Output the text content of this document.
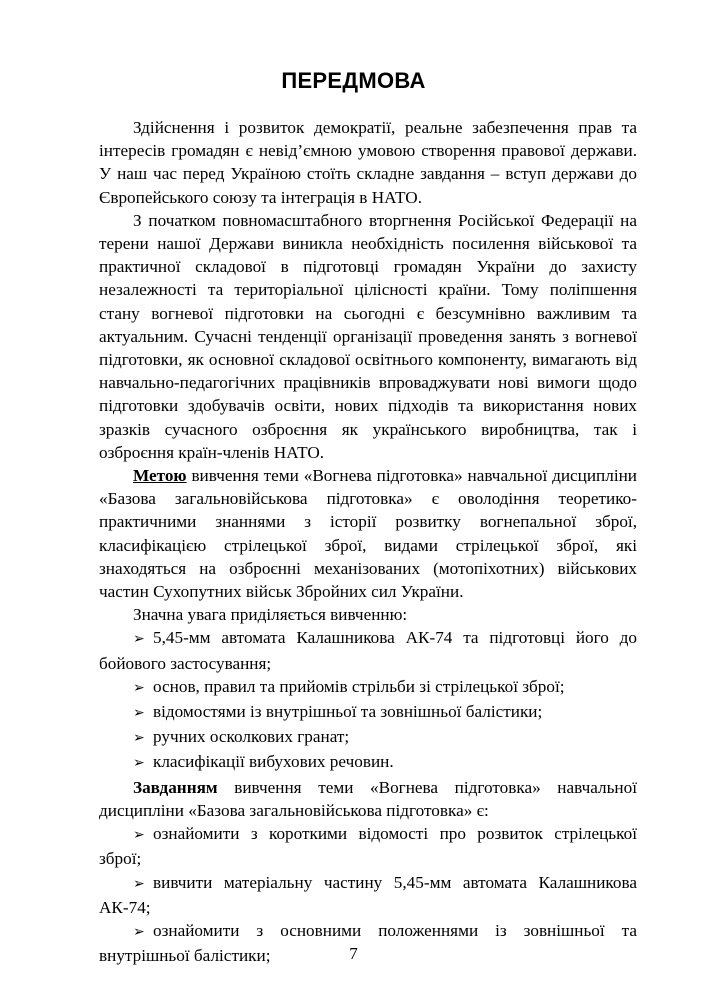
ПЕРЕДМОВА

Здійснення і розвиток демократії, реальне забезпечення прав та інтересів громадян є невід’ємною умовою створення правової держави. У наш час перед Україною стоїть складне завдання – вступ держави до Європейського союзу та інтеграція в НАТО.

З початком повномасштабного вторгнення Російської Федерації на терени нашої Держави виникла необхідність посилення військової та практичної складової в підготовці громадян України до захисту незалежності та територіальної цілісності країни. Тому поліпшення стану вогневої підготовки на сьогодні є безсумнівно важливим та актуальним. Сучасні тенденції організації проведення занять з вогневої підготовки, як основної складової освітнього компоненту, вимагають від навчально-педагогічних працівників впроваджувати нові вимоги щодо підготовки здобувачів освіти, нових підходів та використання нових зразків сучасного озброєння як українського виробництва, так і озброєння країн-членів НАТО.

Метою вивчення теми «Вогнева підготовка» навчальної дисципліни «Базова загальновійськова підготовка» є оволодіння теоретико-практичними знаннями з історії розвитку вогнепальної зброї, класифікацією стрілецької зброї, видами стрілецької зброї, які знаходяться на озброєнні механізованих (мотопіхотних) військових частин Сухопутних військ Збройних сил України.

Значна увага приділяється вивченню:

➢ 5,45-мм автомата Калашникова АК-74 та підготовці його до бойового застосування;

➢ основ, правил та прийомів стрільби зі стрілецької зброї;

➢ відомостями із внутрішньої та зовнішньої балістики;

➢ ручних осколкових гранат;

➢ класифікації вибухових речовин.

Завданням вивчення теми «Вогнева підготовка» навчальної дисципліни «Базова загальновійськова підготовка» є:

➢ ознайомити з короткими відомості про розвиток стрілецької зброї;

➢ вивчити матеріальну частину 5,45-мм автомата Калашникова АК-74;

➢ ознайомити з основними положеннями із зовнішньої та внутрішньої балістики;	7
